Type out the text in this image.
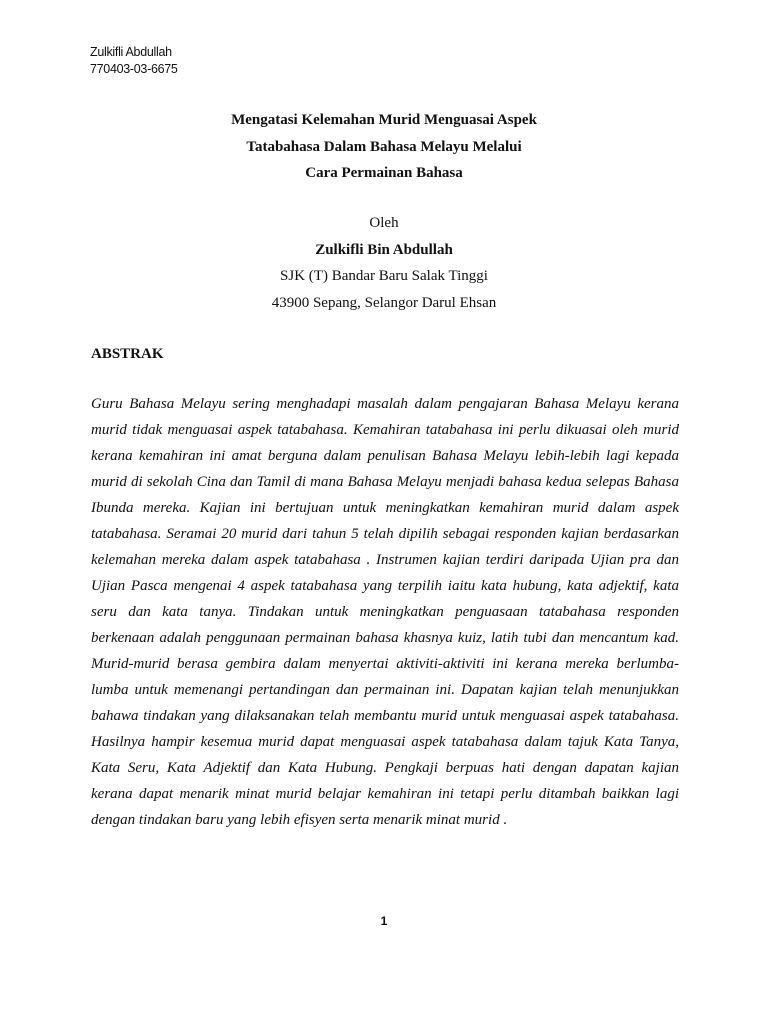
Zulkifli Abdullah
770403-03-6675
Mengatasi Kelemahan Murid Menguasai Aspek
Tatabahasa Dalam Bahasa Melayu Melalui
Cara Permainan Bahasa
Oleh
Zulkifli Bin Abdullah
SJK (T) Bandar Baru Salak Tinggi
43900 Sepang, Selangor Darul Ehsan
ABSTRAK
Guru Bahasa Melayu sering menghadapi masalah dalam pengajaran Bahasa Melayu kerana
murid tidak menguasai aspek tatabahasa. Kemahiran tatabahasa ini perlu dikuasai oleh murid
kerana kemahiran ini amat berguna dalam penulisan Bahasa Melayu lebih-lebih lagi kepada
murid di sekolah Cina dan Tamil di mana Bahasa Melayu menjadi bahasa kedua selepas Bahasa
Ibunda mereka. Kajian ini bertujuan untuk meningkatkan kemahiran murid dalam aspek
tatabahasa. Seramai 20 murid dari tahun 5 telah dipilih sebagai responden kajian berdasarkan
kelemahan mereka dalam aspek tatabahasa . Instrumen kajian terdiri daripada Ujian pra dan
Ujian Pasca mengenai 4 aspek tatabahasa yang terpilih iaitu kata hubung, kata adjektif, kata
seru dan kata tanya. Tindakan untuk meningkatkan penguasaan tatabahasa responden
berkenaan adalah penggunaan permainan bahasa khasnya kuiz, latih tubi dan mencantum kad.
Murid-murid berasa gembira dalam menyertai aktiviti-aktiviti ini kerana mereka berlumba-
lumba untuk memenangi pertandingan dan permainan ini. Dapatan kajian telah menunjukkan
bahawa tindakan yang dilaksanakan telah membantu murid untuk menguasai aspek tatabahasa.
Hasilnya hampir kesemua murid dapat menguasai aspek tatabahasa dalam tajuk Kata Tanya,
Kata Seru, Kata Adjektif dan Kata Hubung. Pengkaji berpuas hati dengan dapatan kajian
kerana dapat menarik minat murid belajar kemahiran ini tetapi perlu ditambah baikkan lagi
dengan tindakan baru yang lebih efisyen serta menarik minat murid .
1
